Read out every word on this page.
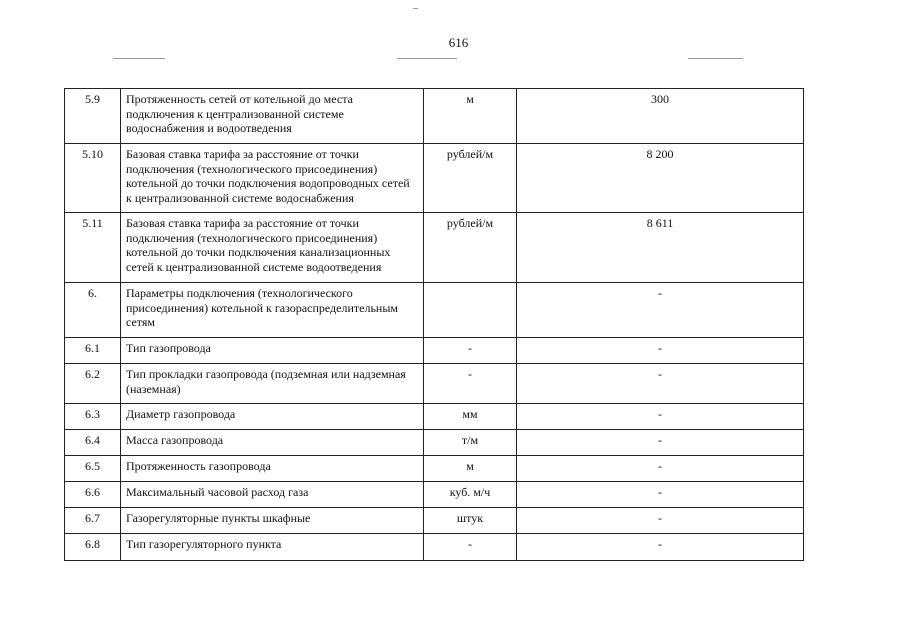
616
5.9	Протяженность сетей от котельной до места подключения к централизованной системе водоснабжения и водоотведения	м	300
5.10	Базовая ставка тарифа за расстояние от точки подключения (технологического присоединения) котельной до точки подключения водопроводных сетей к централизованной системе водоснабжения	рублей/м	8 200
5.11	Базовая ставка тарифа за расстояние от точки подключения (технологического присоединения) котельной до точки подключения канализационных сетей к централизованной системе водоотведения	рублей/м	8 611
6.	Параметры подключения (технологического присоединения) котельной к газораспределительным сетям		-
6.1	Тип газопровода	-	-
6.2	Тип прокладки газопровода (подземная или надземная (наземная)	-	-
6.3	Диаметр газопровода	мм	-
6.4	Масса газопровода	т/м	-
6.5	Протяженность газопровода	м	-
6.6	Максимальный часовой расход газа	куб. м/ч	-
6.7	Газорегуляторные пункты шкафные	штук	-
6.8	Тип газорегуляторного пункта	-	-
